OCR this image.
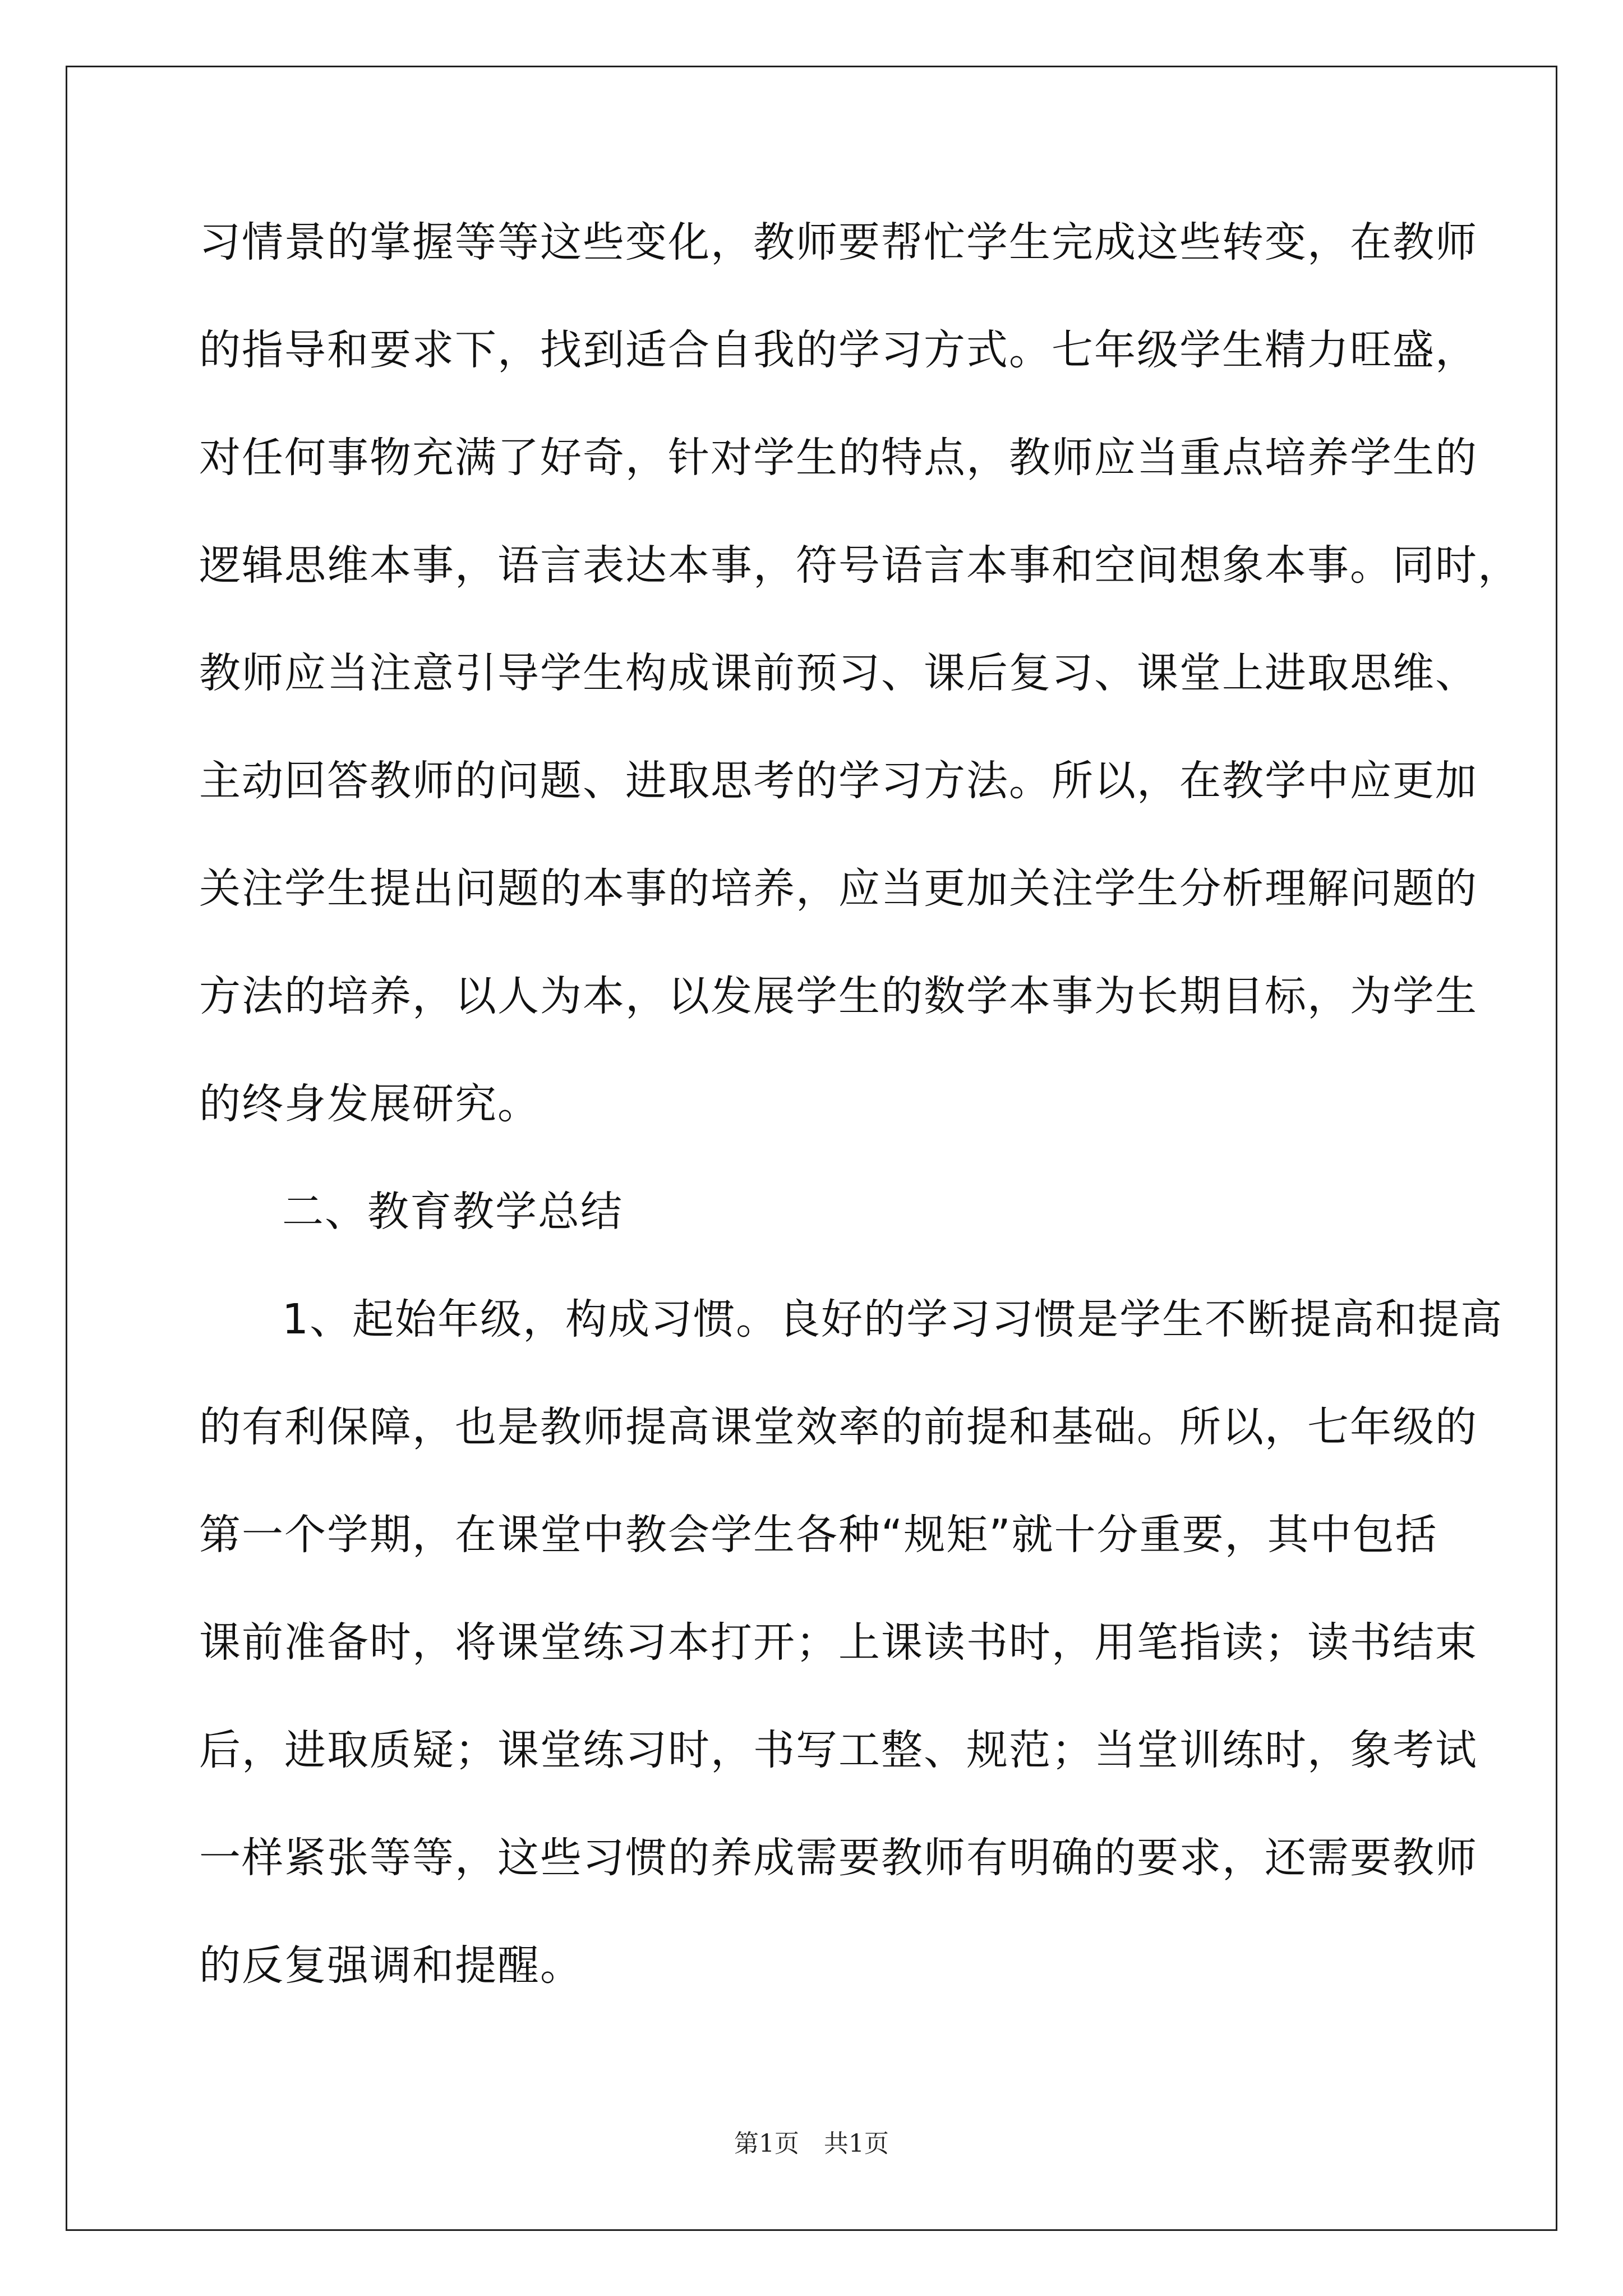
习情景的掌握等等这些变化，教师要帮忙学生完成这些转变，在教师
的指导和要求下，找到适合自我的学习方式。七年级学生精力旺盛，
对任何事物充满了好奇，针对学生的特点，教师应当重点培养学生的
逻辑思维本事，语言表达本事，符号语言本事和空间想象本事。同时，
教师应当注意引导学生构成课前预习、课后复习、课堂上进取思维、
主动回答教师的问题、进取思考的学习方法。所以，在教学中应更加
关注学生提出问题的本事的培养，应当更加关注学生分析理解问题的
方法的培养，以人为本，以发展学生的数学本事为长期目标，为学生
的终身发展研究。
二、教育教学总结
1、起始年级，构成习惯。良好的学习习惯是学生不断提高和提高
的有利保障，也是教师提高课堂效率的前提和基础。所以，七年级的
第一个学期，在课堂中教会学生各种“规矩”就十分重要，其中包括
课前准备时，将课堂练习本打开；上课读书时，用笔指读；读书结束
后，进取质疑；课堂练习时，书写工整、规范；当堂训练时，象考试
一样紧张等等，这些习惯的养成需要教师有明确的要求，还需要教师
的反复强调和提醒。
第1页　共1页
